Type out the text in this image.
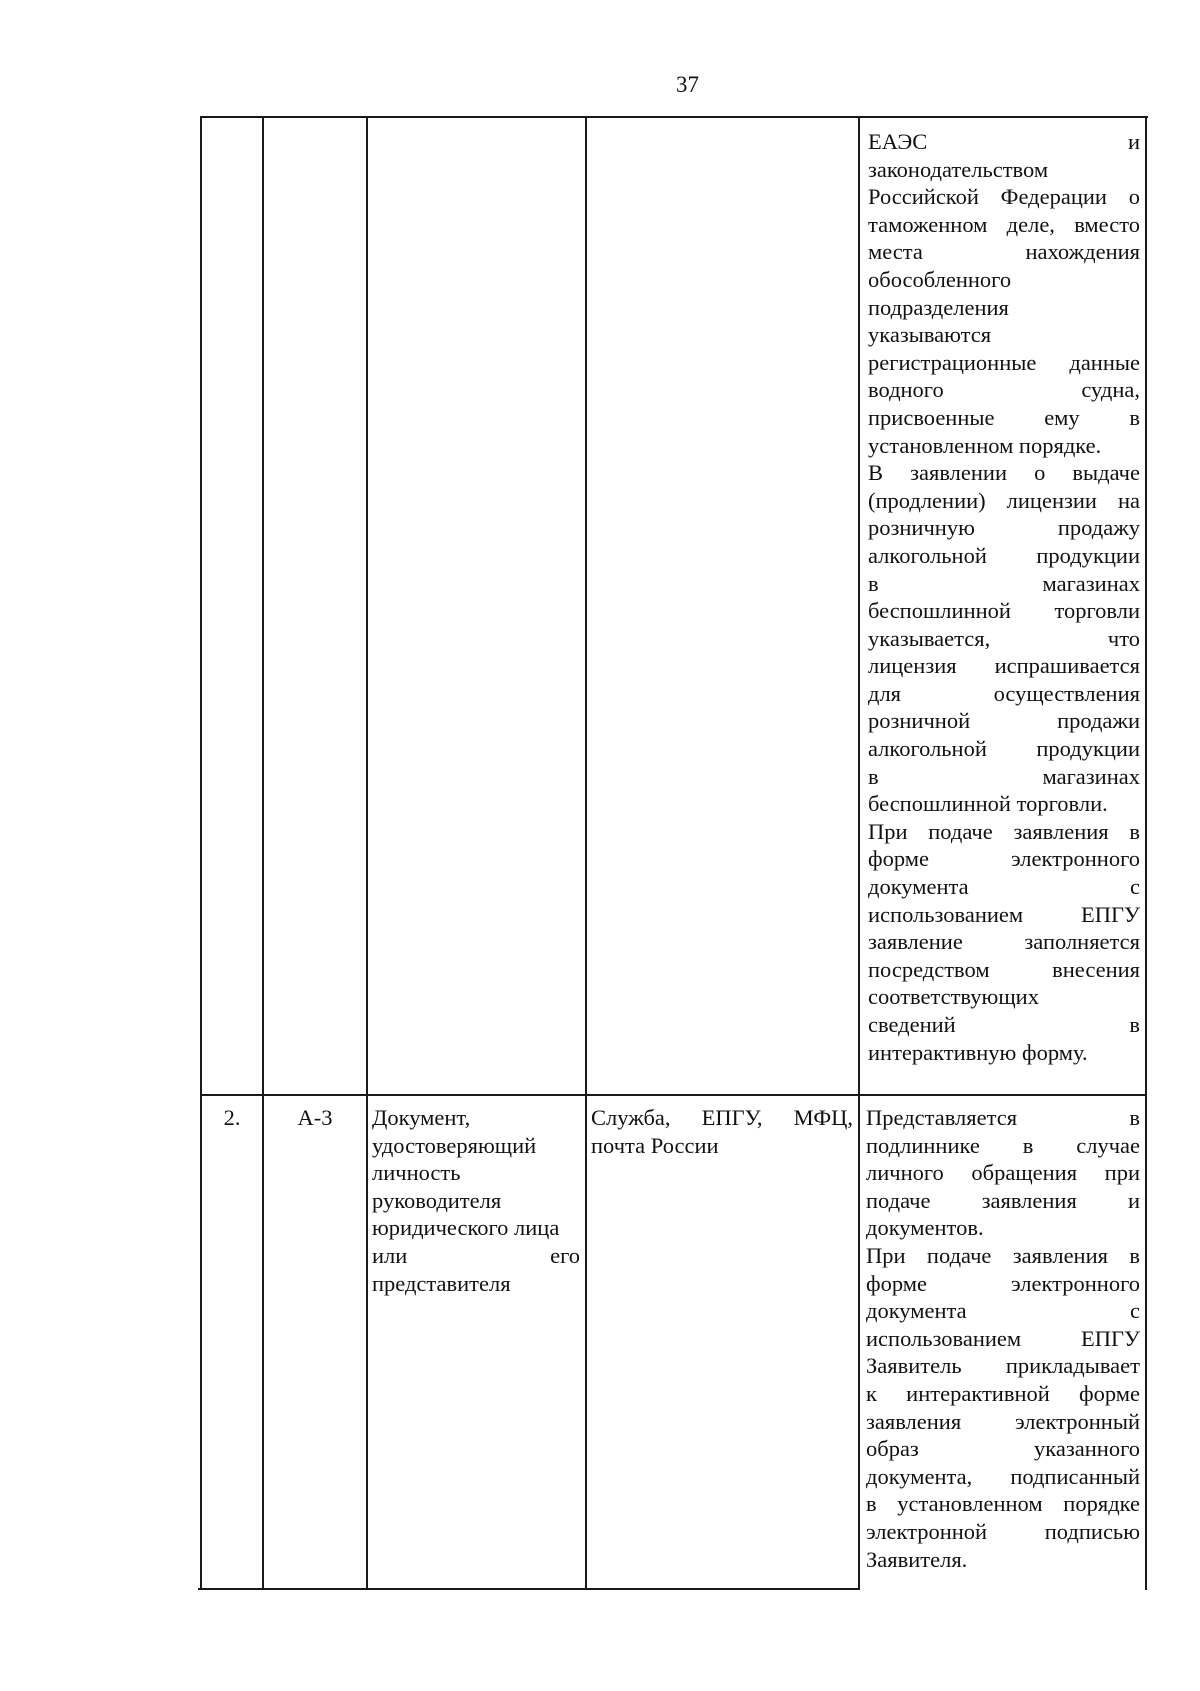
37
ЕАЭС и
законодательством
Российской Федерации о
таможенном деле, вместо
места нахождения
обособленного
подразделения
указываются
регистрационные данные
водного судна,
присвоенные ему в
установленном порядке.
В заявлении о выдаче
(продлении) лицензии на
розничную продажу
алкогольной продукции
в магазинах
беспошлинной торговли
указывается, что
лицензия испрашивается
для осуществления
розничной продажи
алкогольной продукции
в магазинах
беспошлинной торговли.
При подаче заявления в
форме электронного
документа с
использованием ЕПГУ
заявление заполняется
посредством внесения
соответствующих
сведений в
интерактивную форму.
2.	А-3	Документ,
удостоверяющий
личность
руководителя
юридического лица
или его
представителя
Служба, ЕПГУ, МФЦ,
почта России
Представляется в
подлиннике в случае
личного обращения при
подаче заявления и
документов.
При подаче заявления в
форме электронного
документа с
использованием ЕПГУ
Заявитель прикладывает
к интерактивной форме
заявления электронный
образ указанного
документа, подписанный
в установленном порядке
электронной подписью
Заявителя.
